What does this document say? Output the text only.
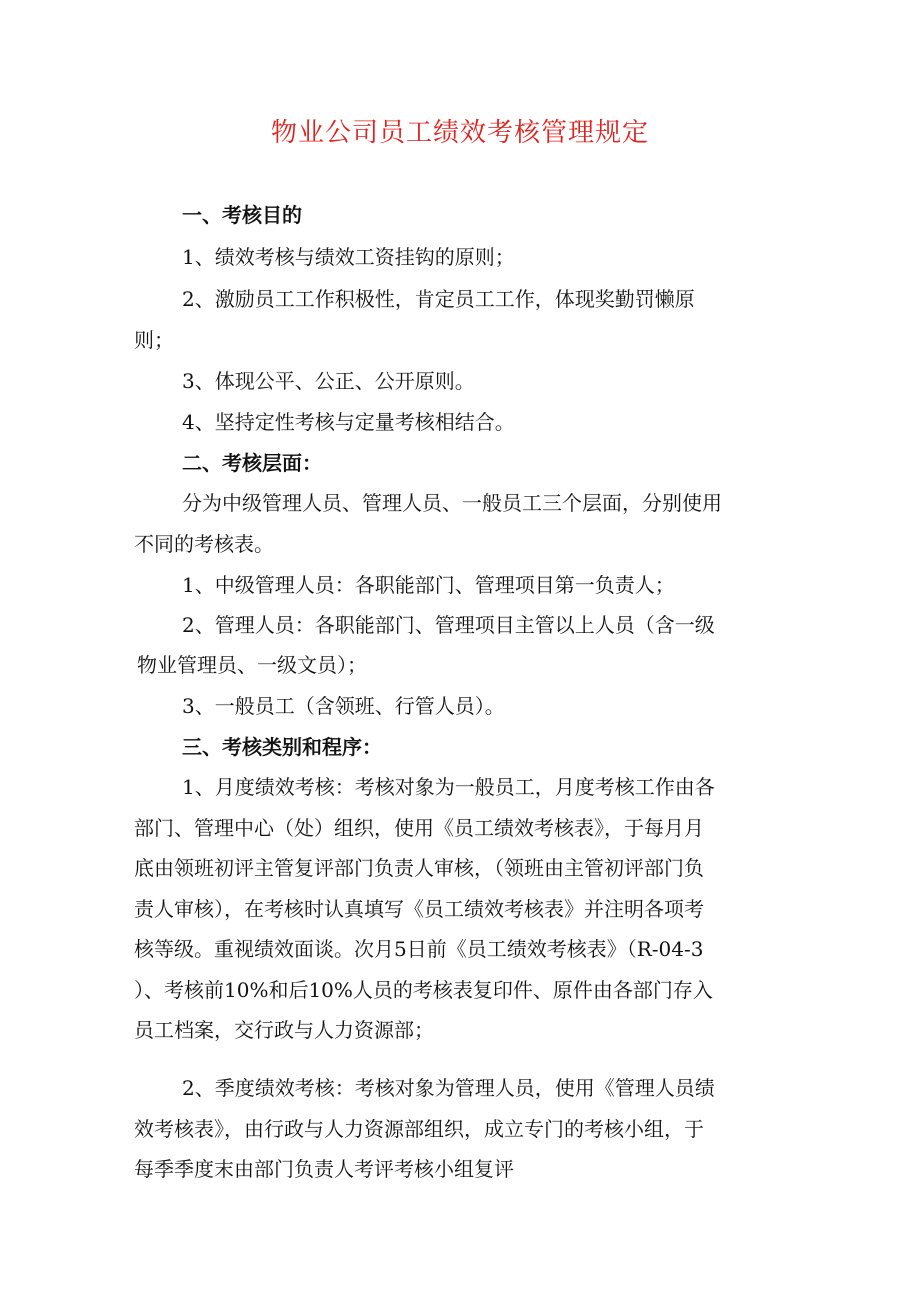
物业公司员工绩效考核管理规定

一、考核目的

1、绩效考核与绩效工资挂钩的原则；

2、激励员工工作积极性，肯定员工工作，体现奖勤罚懒原

则；

3、体现公平、公正、公开原则。

4、坚持定性考核与定量考核相结合。

二、考核层面：

分为中级管理人员、管理人员、一般员工三个层面，分别使用

不同的考核表。

1、中级管理人员：各职能部门、管理项目第一负责人；

2、管理人员：各职能部门、管理项目主管以上人员（含一级

物业管理员、一级文员）；

3、一般员工（含领班、行管人员）。

三、考核类别和程序：

1、月度绩效考核：考核对象为一般员工，月度考核工作由各

部门、管理中心（处）组织，使用《员工绩效考核表》，于每月月

底由领班初评主管复评部门负责人审核，（领班由主管初评部门负

责人审核），在考核时认真填写《员工绩效考核表》并注明各项考

核等级。重视绩效面谈。次月5日前《员工绩效考核表》（R-04-3

）、考核前10%和后10%人员的考核表复印件、原件由各部门存入

员工档案，交行政与人力资源部；

2、季度绩效考核：考核对象为管理人员，使用《管理人员绩

效考核表》，由行政与人力资源部组织，成立专门的考核小组，于

每季季度末由部门负责人考评考核小组复评
